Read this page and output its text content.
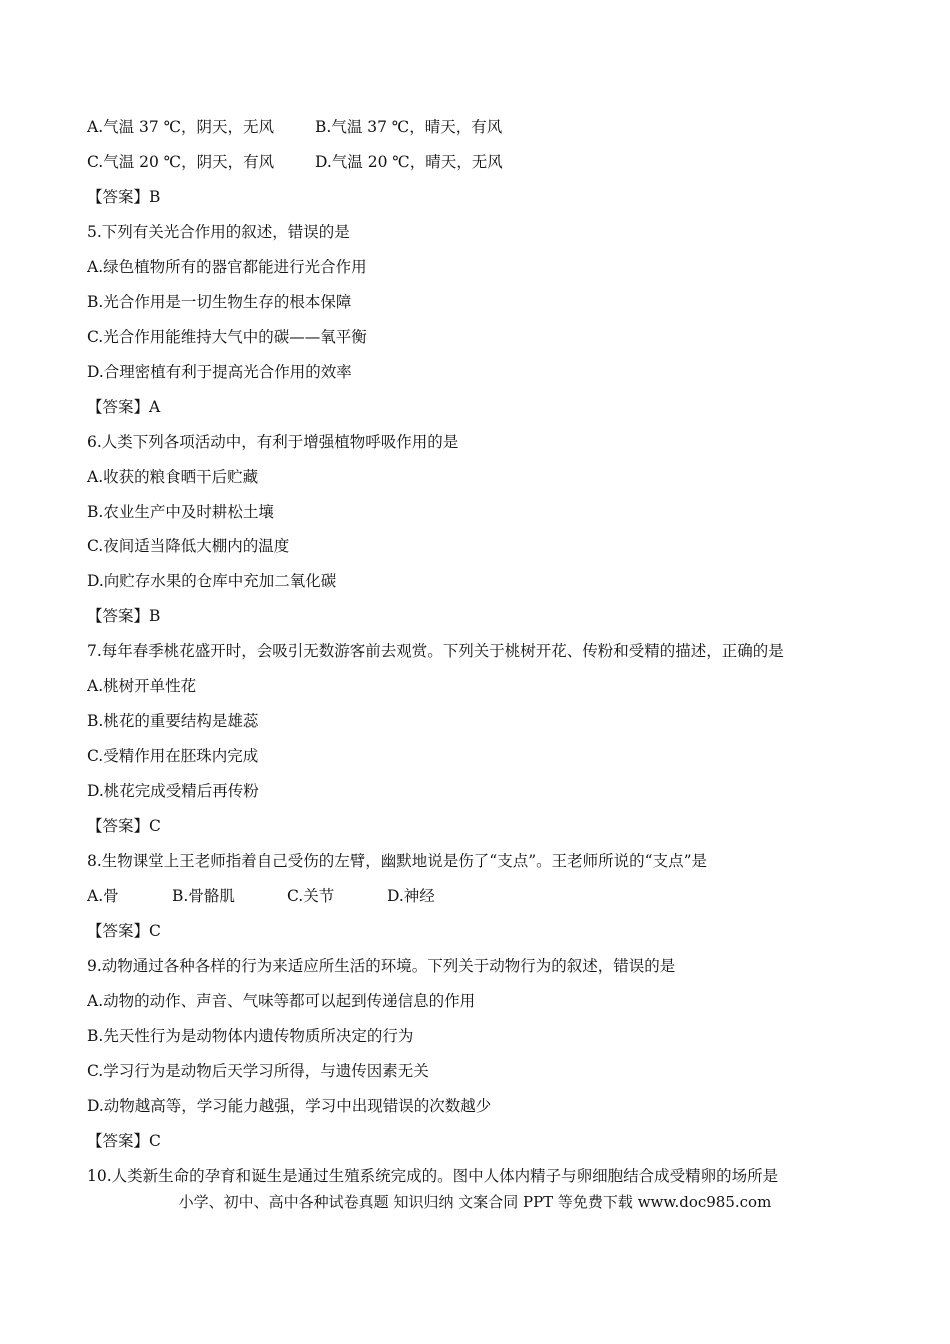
A.气温 37 ℃，阴天，无风	B.气温 37 ℃，晴天，有风
C.气温 20 ℃，阴天，有风	D.气温 20 ℃，晴天，无风
【答案】B
5.下列有关光合作用的叙述，错误的是
A.绿色植物所有的器官都能进行光合作用
B.光合作用是一切生物生存的根本保障
C.光合作用能维持大气中的碳——氧平衡
D.合理密植有利于提高光合作用的效率
【答案】A
6.人类下列各项活动中，有利于增强植物呼吸作用的是
A.收获的粮食晒干后贮藏
B.农业生产中及时耕松土壤
C.夜间适当降低大棚内的温度
D.向贮存水果的仓库中充加二氧化碳
【答案】B
7.每年春季桃花盛开时，会吸引无数游客前去观赏。下列关于桃树开花、传粉和受精的描述，正确的是
A.桃树开单性花
B.桃花的重要结构是雄蕊
C.受精作用在胚珠内完成
D.桃花完成受精后再传粉
【答案】C
8.生物课堂上王老师指着自己受伤的左臂，幽默地说是伤了“支点”。王老师所说的“支点”是
A.骨	B.骨骼肌	C.关节	D.神经
【答案】C
9.动物通过各种各样的行为来适应所生活的环境。下列关于动物行为的叙述，错误的是
A.动物的动作、声音、气味等都可以起到传递信息的作用
B.先天性行为是动物体内遗传物质所决定的行为
C.学习行为是动物后天学习所得，与遗传因素无关
D.动物越高等，学习能力越强，学习中出现错误的次数越少
【答案】C
10.人类新生命的孕育和诞生是通过生殖系统完成的。图中人体内精子与卵细胞结合成受精卵的场所是
小学、初中、高中各种试卷真题 知识归纳 文案合同 PPT 等免费下载 www.doc985.com
